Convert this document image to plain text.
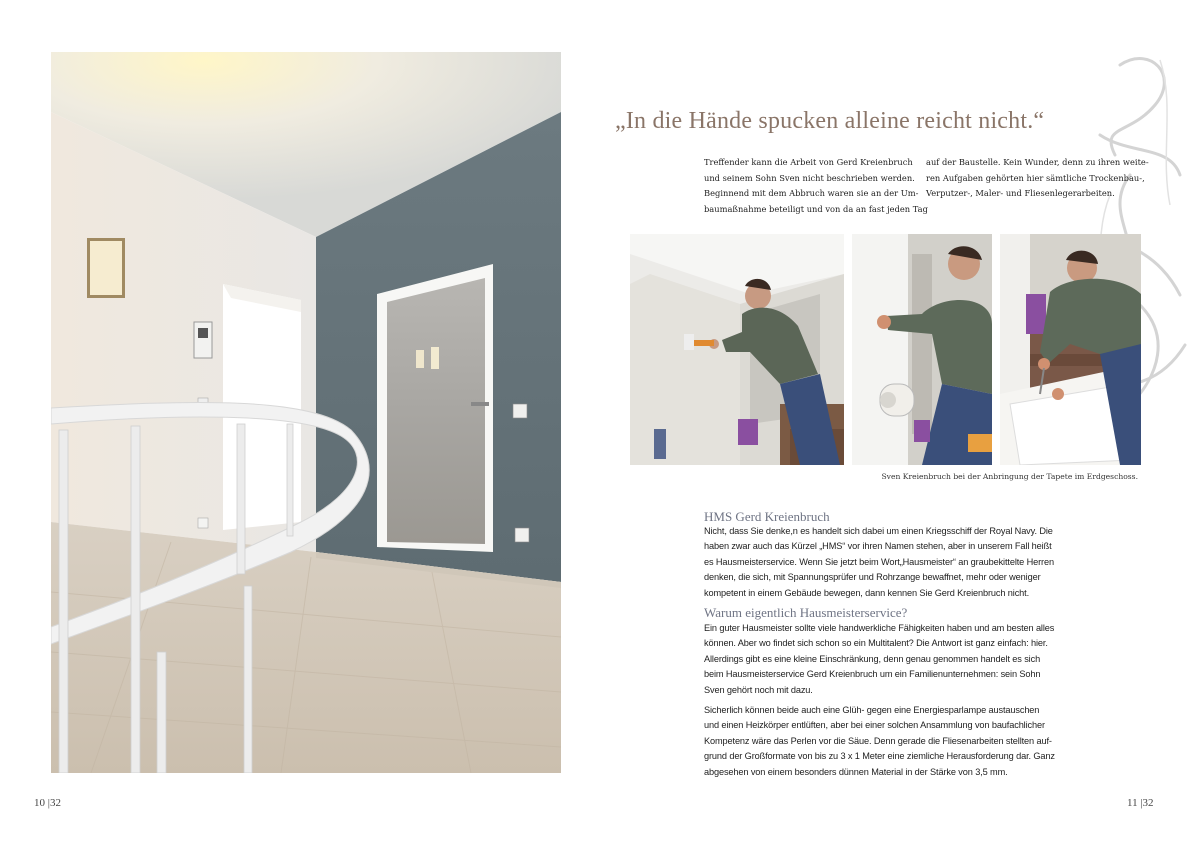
„In die Hände spucken alleine reicht nicht.“
Treffender kann die Arbeit von Gerd Kreienbruch
und seinem Sohn Sven nicht beschrieben werden.
Beginnend mit dem Abbruch waren sie an der Um-
baumaßnahme beteiligt und von da an fast jeden Tag
auf der Baustelle. Kein Wunder, denn zu ihren weite-
ren Aufgaben gehörten hier sämtliche Trockenbau-,
Verputzer-, Maler- und Fliesenlegerarbeiten.
Sven Kreienbruch bei der Anbringung der Tapete im Erdgeschoss.
HMS Gerd Kreienbruch
Nicht, dass Sie denke,n es handelt sich dabei um einen Kriegsschiff der Royal Navy. Die
haben zwar auch das Kürzel „HMS“ vor ihren Namen stehen, aber in unserem Fall heißt
es Hausmeisterservice. Wenn Sie jetzt beim Wort„Hausmeister“ an graubekittelte Herren
denken, die sich, mit Spannungsprüfer und Rohrzange bewaffnet, mehr oder weniger
kompetent in einem Gebäude bewegen, dann kennen Sie Gerd Kreienbruch nicht.
Warum eigentlich Hausmeisterservice?
Ein guter Hausmeister sollte viele handwerkliche Fähigkeiten haben und am besten alles
können. Aber wo findet sich schon so ein Multitalent? Die Antwort ist ganz einfach: hier.
Allerdings gibt es eine kleine Einschränkung, denn genau genommen handelt es sich
beim Hausmeisterservice Gerd Kreienbruch um ein Familienunternehmen: sein Sohn
Sven gehört noch mit dazu.
Sicherlich können beide auch eine Glüh- gegen eine Energiesparlampe austauschen
und einen Heizkörper entlüften, aber bei einer solchen Ansammlung von baufachlicher
Kompetenz wäre das Perlen vor die Säue. Denn gerade die Fliesenarbeiten stellten auf-
grund der Großformate von bis zu 3 x 1 Meter eine ziemliche Herausforderung dar. Ganz
abgesehen von einem besonders dünnen Material in der Stärke von 3,5 mm.
10 |32	11 |32
